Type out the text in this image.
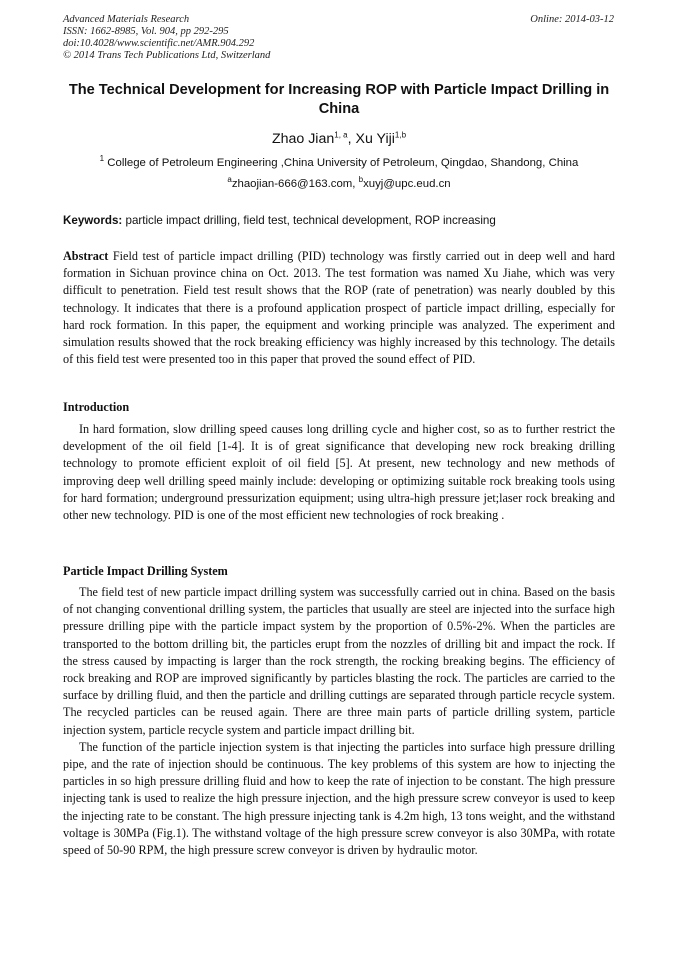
Advanced Materials Research
ISSN: 1662-8985, Vol. 904, pp 292-295
doi:10.4028/www.scientific.net/AMR.904.292
© 2014 Trans Tech Publications Ltd, Switzerland
Online: 2014-03-12
The Technical Development for Increasing ROP with Particle Impact Drilling in China
Zhao Jian$^{1, a}$, Xu Yiji$^{1,b}$
$^1$ College of Petroleum Engineering ,China University of Petroleum, Qingdao, Shandong, China
$^a$zhaojian-666@163.com, $^b$xuyj@upc.eud.cn
Keywords: particle impact drilling, field test, technical development, ROP increasing

Abstract Field test of particle impact drilling (PID) technology was firstly carried out in deep well and hard formation in Sichuan province china on Oct. 2013. The test formation was named Xu Jiahe, which was very difficult to penetration. Field test result shows that the ROP (rate of penetration) was nearly doubled by this technology. It indicates that there is a profound application prospect of particle impact drilling, especially for hard rock formation. In this paper, the equipment and working principle was analyzed. The experiment and simulation results showed that the rock breaking efficiency was highly increased by this technology. The details of this field test were presented too in this paper that proved the sound effect of PID.

Introduction

In hard formation, slow drilling speed causes long drilling cycle and higher cost, so as to further restrict the development of the oil field [1-4]. It is of great significance that developing new rock breaking drilling technology to promote efficient exploit of oil field [5]. At present, new technology and new methods of improving deep well drilling speed mainly include: developing or optimizing suitable rock breaking tools using for hard formation; underground pressurization equipment; using ultra-high pressure jet;laser rock breaking and other new technology. PID is one of the most efficient new technologies of rock breaking .

Particle Impact Drilling System

The field test of new particle impact drilling system was successfully carried out in china. Based on the basis of not changing conventional drilling system, the particles that usually are steel are injected into the surface high pressure drilling pipe with the particle impact system by the proportion of 0.5%-2%. When the particles are transported to the bottom drilling bit, the particles erupt from the nozzles of drilling bit and impact the rock. If the stress caused by impacting is larger than the rock strength, the rocking breaking begins. The efficiency of rock breaking and ROP are improved significantly by particles blasting the rock. The particles are carried to the surface by drilling fluid, and then the particle and drilling cuttings are separated through particle recycle system. The recycled particles can be reused again. There are three main parts of particle drilling system, particle injection system, particle recycle system and particle impact drilling bit.

The function of the particle injection system is that injecting the particles into surface high pressure drilling pipe, and the rate of injection should be continuous. The key problems of this system are how to injecting the particles in so high pressure drilling fluid and how to keep the rate of injection to be constant. The high pressure injecting tank is used to realize the high pressure injection, and the high pressure screw conveyor is used to keep the injecting rate to be constant. The high pressure injecting tank is 4.2m high, 13 tons weight, and the withstand voltage is 30MPa (Fig.1). The withstand voltage of the high pressure screw conveyor is also 30MPa, with rotate speed of 50-90 RPM, the high pressure screw conveyor is driven by hydraulic motor.
